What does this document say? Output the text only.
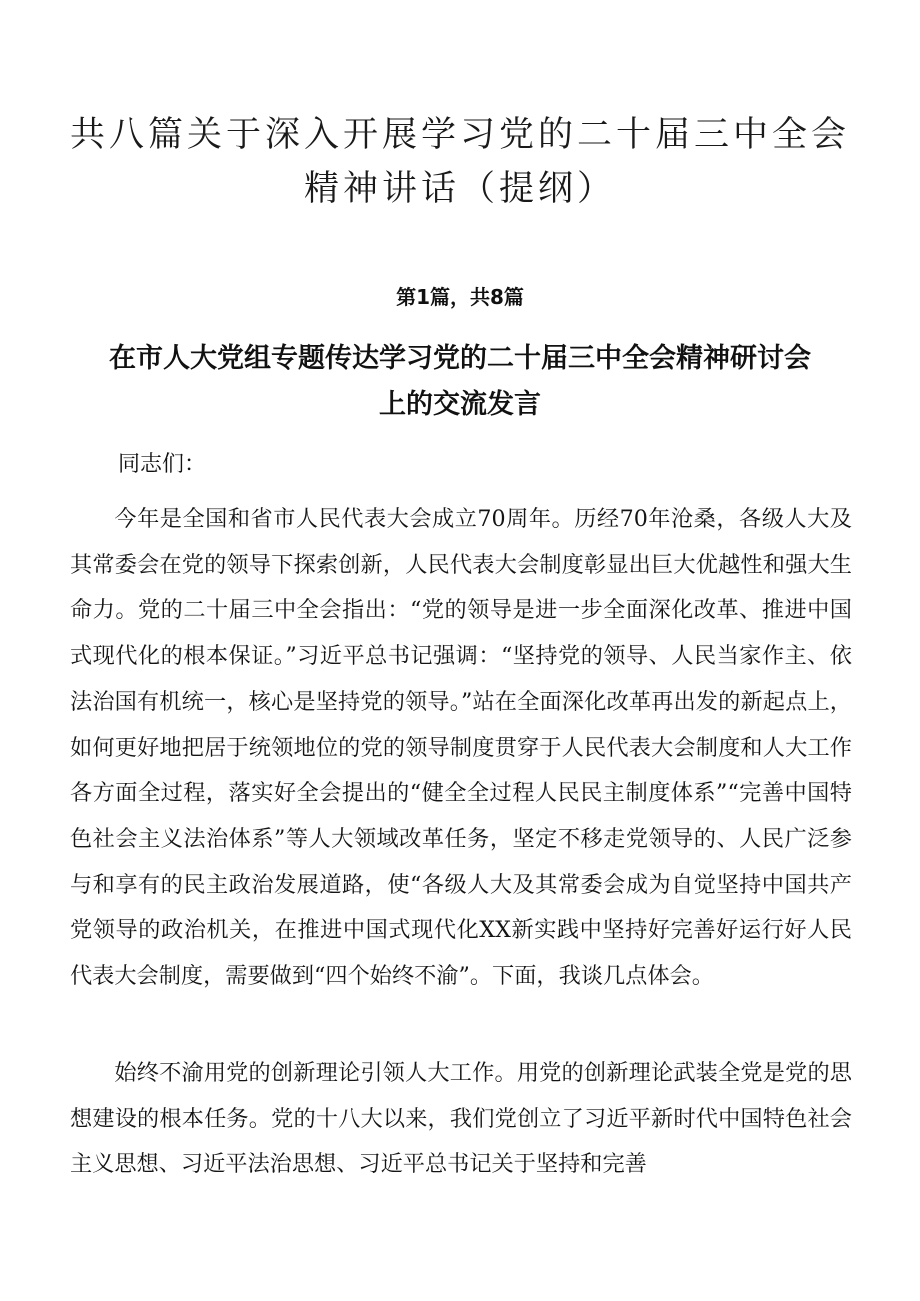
共八篇关于深入开展学习党的二十届三中全会精神讲话（提纲）
第1篇，共8篇
在市人大党组专题传达学习党的二十届三中全会精神研讨会上的交流发言
同志们：

今年是全国和省市人民代表大会成立70周年。历经70年沧桑，各级人大及其常委会在党的领导下探索创新，人民代表大会制度彰显出巨大优越性和强大生命力。党的二十届三中全会指出：“党的领导是进一步全面深化改革、推进中国式现代化的根本保证。”习近平总书记强调：“坚持党的领导、人民当家作主、依法治国有机统一，核心是坚持党的领导。”站在全面深化改革再出发的新起点上，如何更好地把居于统领地位的党的领导制度贯穿于人民代表大会制度和人大工作各方面全过程，落实好全会提出的“健全全过程人民民主制度体系”“完善中国特色社会主义法治体系”等人大领域改革任务，坚定不移走党领导的、人民广泛参与和享有的民主政治发展道路，使“各级人大及其常委会成为自觉坚持中国共产党领导的政治机关，在推进中国式现代化XX新实践中坚持好完善好运行好人民代表大会制度，需要做到“四个始终不渝”。下面，我谈几点体会。

始终不渝用党的创新理论引领人大工作。用党的创新理论武装全党是党的思想建设的根本任务。党的十八大以来，我们党创立了习近平新时代中国特色社会主义思想、习近平法治思想、习近平总书记关于坚持和完善
